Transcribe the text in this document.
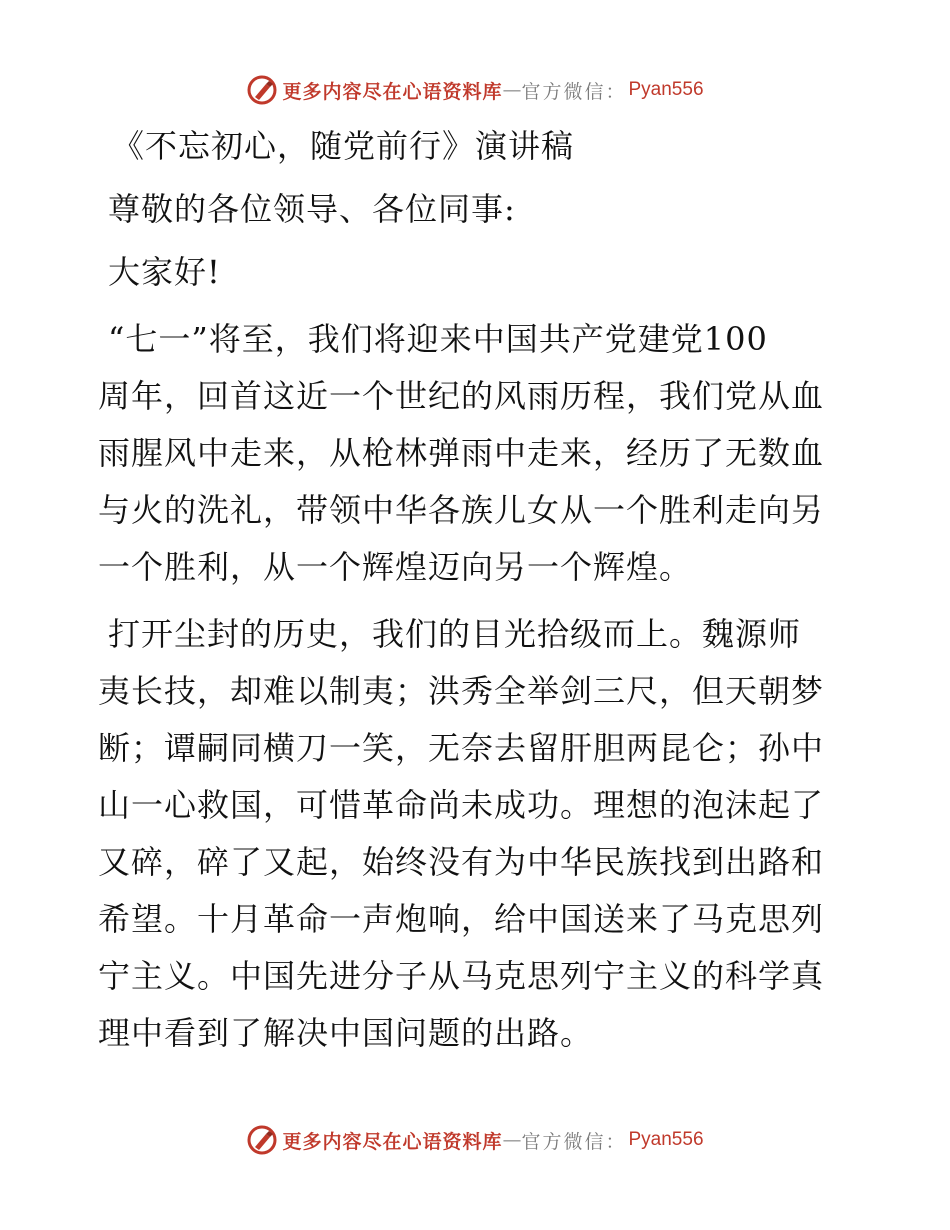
更多内容尽在心语资料库 — 官方微信： Pyan556
《不忘初心，随党前行》演讲稿
尊敬的各位领导、各位同事:
大家好!
“七一”将至，我们将迎来中国共产党建党100
周年，回首这近一个世纪的风雨历程，我们党从血
雨腥风中走来，从枪林弹雨中走来，经历了无数血
与火的洗礼，带领中华各族儿女从一个胜利走向另
一个胜利，从一个辉煌迈向另一个辉煌。
打开尘封的历史，我们的目光拾级而上。魏源师
夷长技，却难以制夷；洪秀全举剑三尺，但天朝梦
断；谭嗣同横刀一笑，无奈去留肝胆两昆仑；孙中
山一心救国，可惜革命尚未成功。理想的泡沫起了
又碎，碎了又起，始终没有为中华民族找到出路和
希望。十月革命一声炮响，给中国送来了马克思列
宁主义。中国先进分子从马克思列宁主义的科学真
理中看到了解决中国问题的出路。
更多内容尽在心语资料库 — 官方微信： Pyan556
